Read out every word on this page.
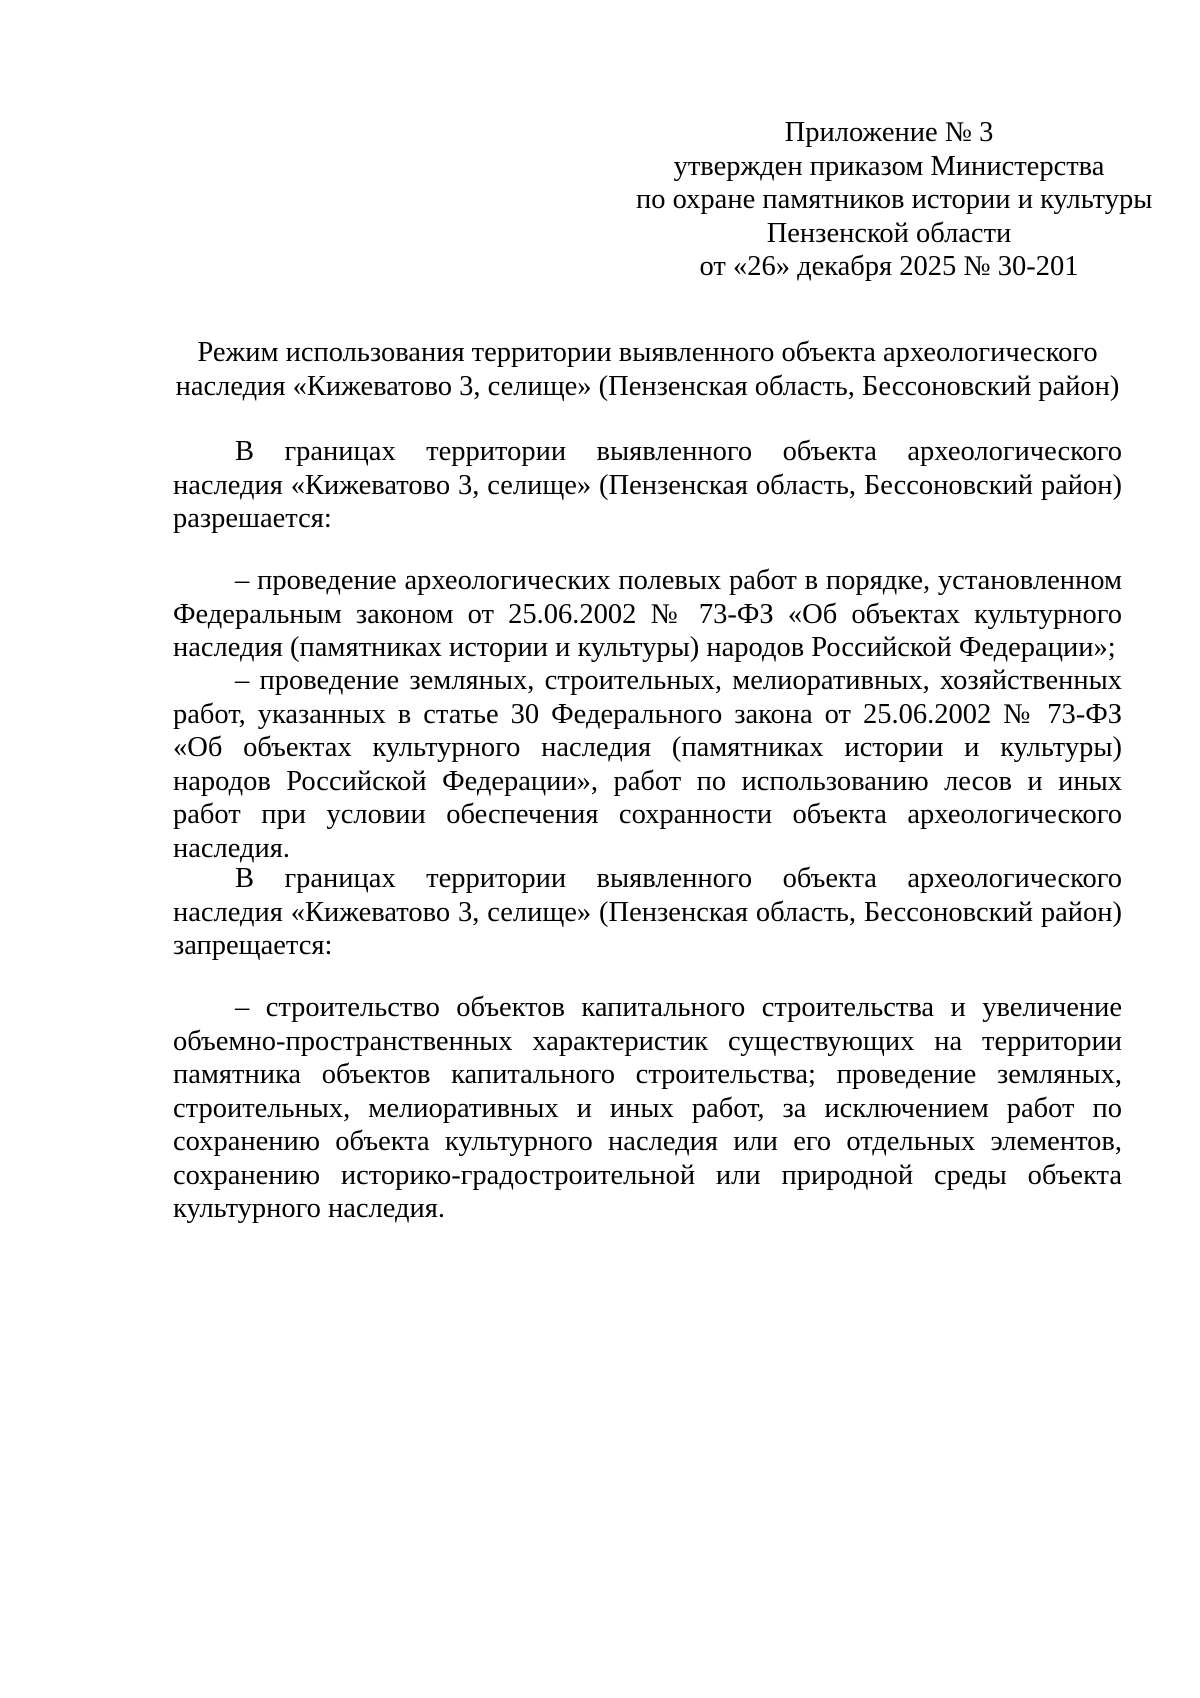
Приложение № 3
утвержден приказом Министерства
по охране памятников истории и культуры
Пензенской области
от «26» декабря 2025 № 30-201
Режим использования территории выявленного объекта археологического
наследия «Кижеватово 3, селище» (Пензенская область, Бессоновский район)

В границах территории выявленного объекта археологического наследия «Кижеватово 3, селище» (Пензенская область, Бессоновский район) разрешается:

– проведение археологических полевых работ в порядке, установленном Федеральным законом от 25.06.2002 № 73-ФЗ «Об объектах культурного наследия (памятниках истории и культуры) народов Российской Федерации»;

– проведение земляных, строительных, мелиоративных, хозяйственных работ, указанных в статье 30 Федерального закона от 25.06.2002 № 73-ФЗ «Об объектах культурного наследия (памятниках истории и культуры) народов Российской Федерации», работ по использованию лесов и иных работ при условии обеспечения сохранности объекта археологического наследия.

В границах территории выявленного объекта археологического наследия «Кижеватово 3, селище» (Пензенская область, Бессоновский район) запрещается:

– строительство объектов капитального строительства и увеличение объемно-пространственных характеристик существующих на территории памятника объектов капитального строительства; проведение земляных, строительных, мелиоративных и иных работ, за исключением работ по сохранению объекта культурного наследия или его отдельных элементов, сохранению историко-градостроительной или природной среды объекта культурного наследия.
